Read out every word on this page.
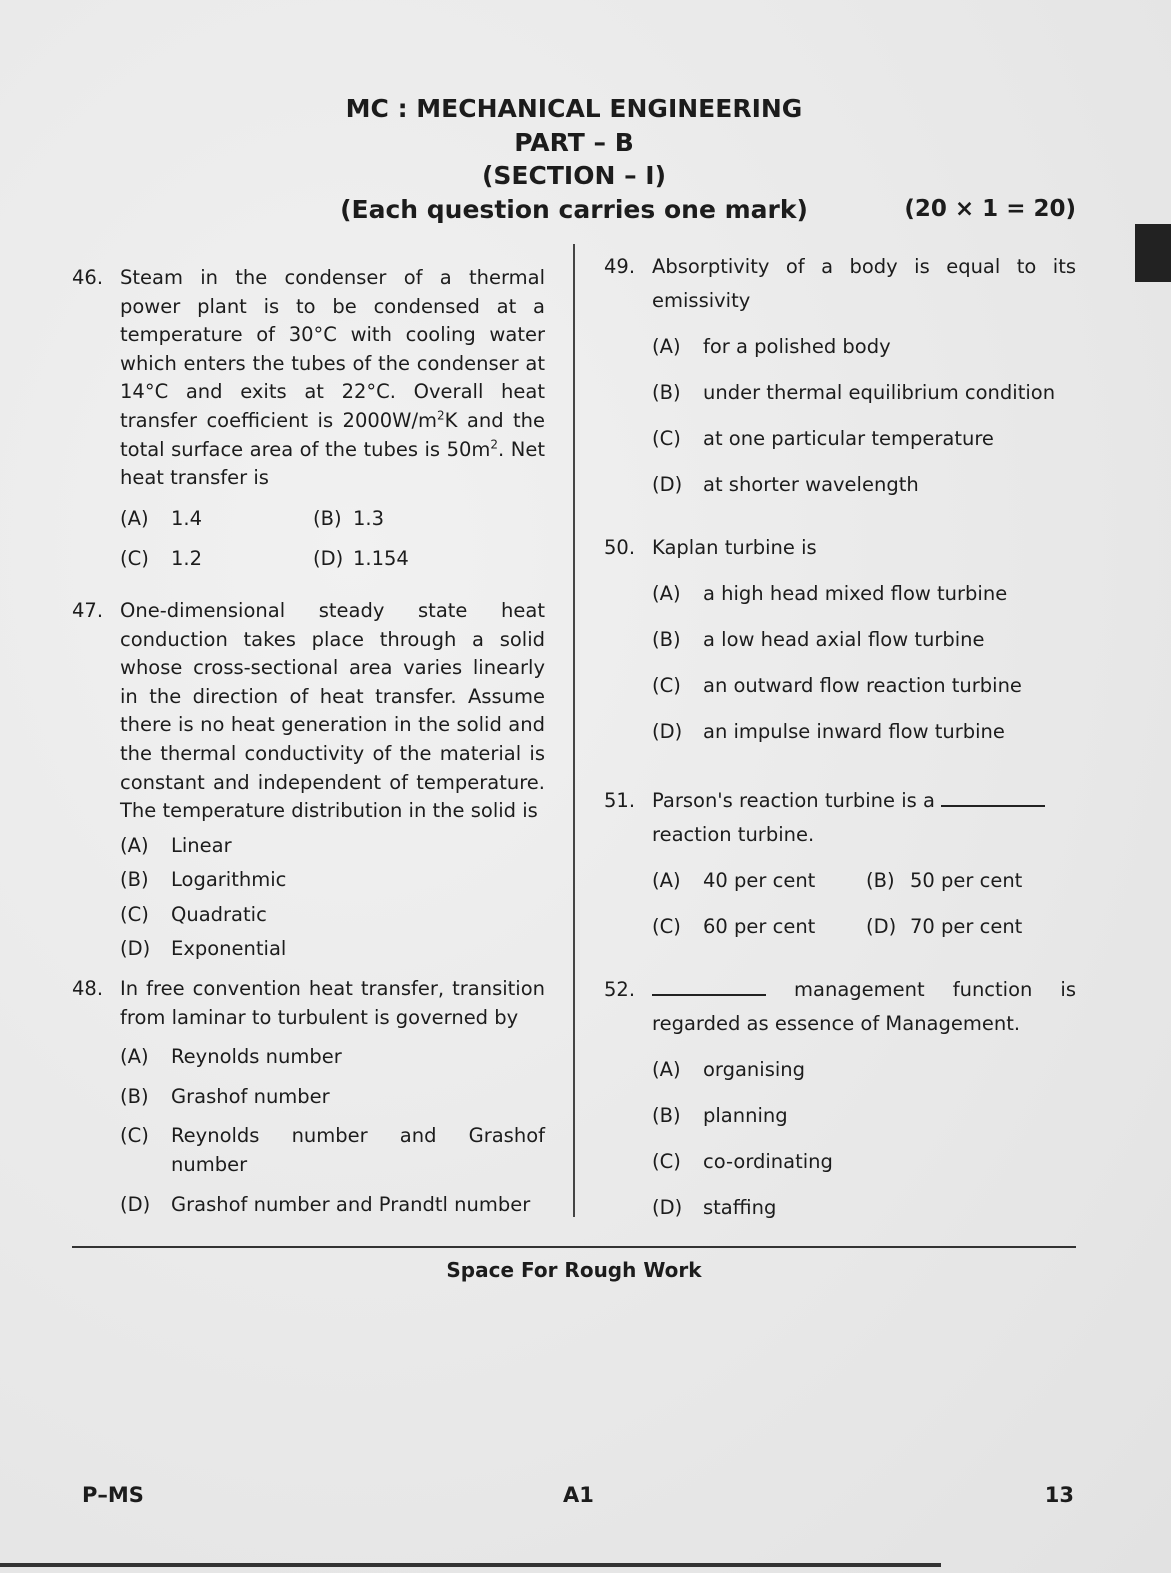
MC : MECHANICAL ENGINEERING
PART – B
(SECTION – I)
(Each question carries one mark)	(20 × 1 = 20)
46. Steam in the condenser of a thermal power plant is to be condensed at a temperature of 30°C with cooling water which enters the tubes of the condenser at 14°C and exits at 22°C. Overall heat transfer coefficient is $2000W/m^2K$ and the total surface area of the tubes is $50m^2$. Net heat transfer is
(A)	1.4	(B) 1.3
(C)	1.2	(D) 1.154
47. One-dimensional steady state heat conduction takes place through a solid whose cross-sectional area varies linearly in the direction of heat transfer. Assume there is no heat generation in the solid and the thermal conductivity of the material is constant and independent of temperature. The temperature distribution in the solid is
(A)	Linear
(B)	Logarithmic
(C)	Quadratic
(D)	Exponential
48. In free convention heat transfer, transition from laminar to turbulent is governed by
(A)	Reynolds number
(B)	Grashof number
(C)	Reynolds number and Grashof number
(D)	Grashof number and Prandtl number
49. Absorptivity of a body is equal to its emissivity
(A)	for a polished body
(B)	under thermal equilibrium condition
(C)	at one particular temperature
(D)	at shorter wavelength
50. Kaplan turbine is
(A)	a high head mixed flow turbine
(B)	a low head axial flow turbine
(C)	an outward flow reaction turbine
(D)	an impulse inward flow turbine
51. Parson's reaction turbine is a
reaction turbine.
(A)	40 per cent	(B) 50 per cent
(C)	60 per cent	(D) 70 per cent
52.	management function is
regarded as essence of Management.
(A)	organising
(B)	planning
(C)	co-ordinating
(D)	staffing
Space For Rough Work
P–MS	A1	13
